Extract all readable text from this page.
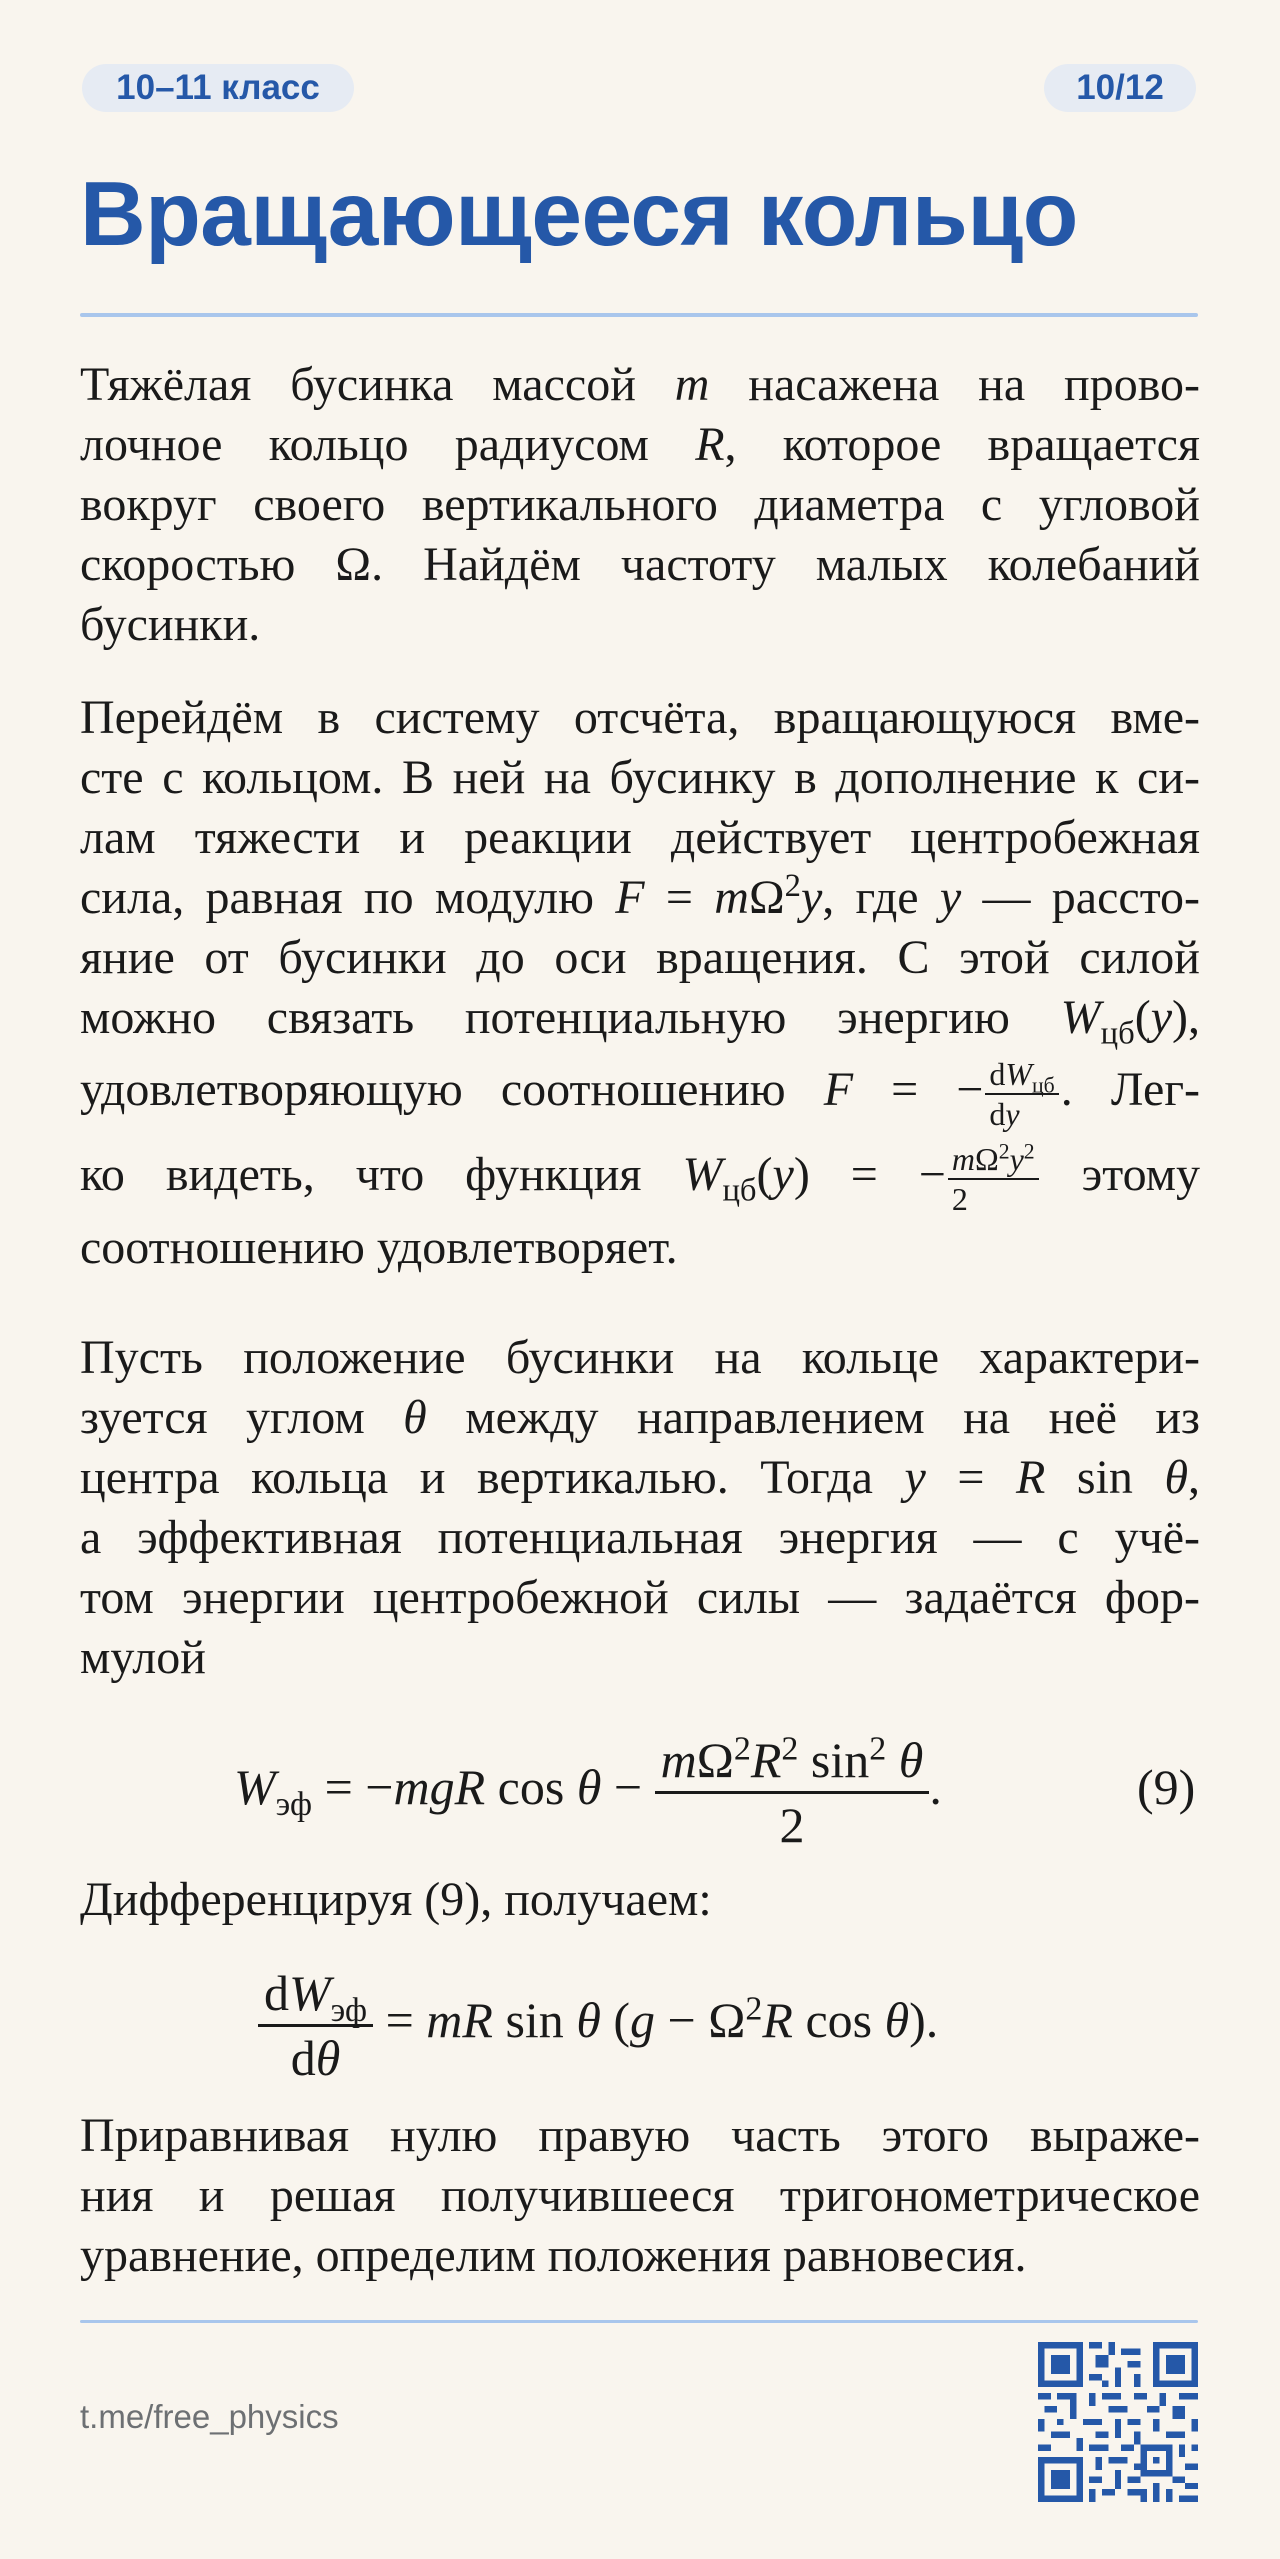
10–11 класс	10/12
Вращающееся кольцо

Тяжёлая бусинка массой m насажена на прово-
лочное кольцо радиусом R, которое вращается
вокруг своего вертикального диаметра с угловой
скоростью Ω. Найдём частоту малых колебаний
бусинки.

Перейдём в систему отсчёта, вращающуюся вме-
сте с кольцом. В ней на бусинку в дополнение к си-
лам тяжести и реакции действует центробежная
сила, равная по модулю $F = m\Omega^2y$, где y — рассто-
яние от бусинки до оси вращения. С этой силой
можно связать потенциальную энергию $W_{цб}(y)$,
удовлетворяющую соотношению F = − $\frac{dW_{цб}}{dy}$ . Лег-
ко видеть, что функция $W_{цб}(y)$ = − $\frac{m\Omega^2y^2}{2}$ этому
соотношению удовлетворяет.

Пусть положение бусинки на кольце характери-
зуется углом θ между направлением на неё из
центра кольца и вертикалью. Тогда y = R sin θ,
а эффективная потенциальная энергия — с учё-
том энергии центробежной силы — задаётся фор-
мулой

$W_{эф} = -mgR$ $\cos \theta - \frac{m\Omega^2R^2 \sin^2 \theta}{2}$ .	(9)

Дифференцируя (9), получаем:

$\frac{dW_{эф}}{d\theta}$ = mR sin θ ($g - \Omega^2R$ cos θ).

Приравнивая нулю правую часть этого выраже-
ния и решая получившееся тригонометрическое
уравнение, определим положения равновесия.

t.me/free_physics
